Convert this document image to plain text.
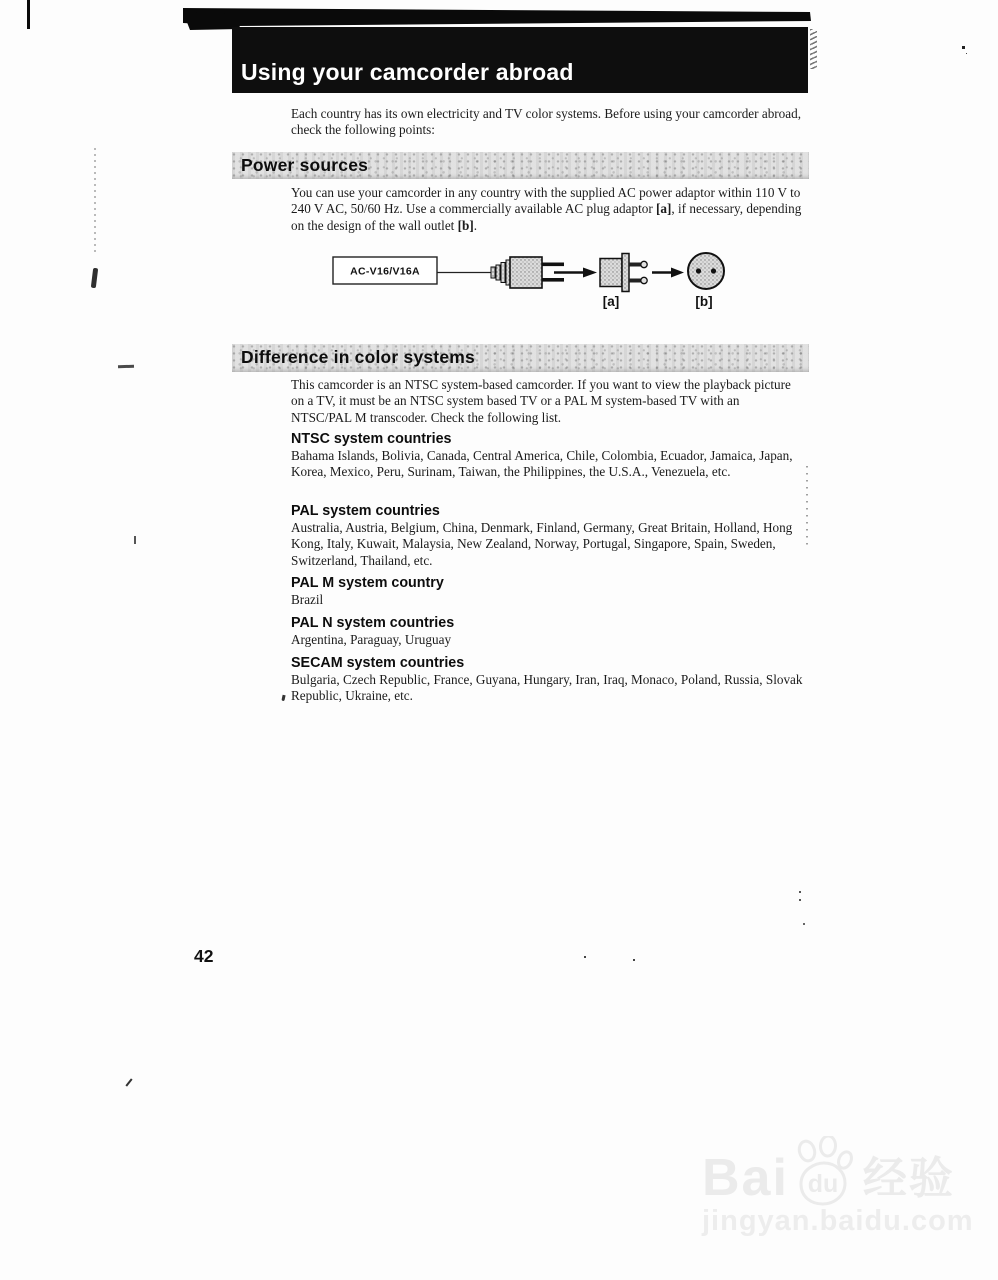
Using your camcorder abroad
Each country has its own electricity and TV color systems. Before using your camcorder abroad, check the following points:
Power sources
You can use your camcorder in any country with the supplied AC power adaptor within 110 V to 240 V AC, 50/60 Hz. Use a commercially available AC plug adaptor [a], if necessary, depending on the design of the wall outlet [b].
AC-V16/V16A
[a]	[b]
Difference in color systems
This camcorder is an NTSC system-based camcorder. If you want to view the playback picture on a TV, it must be an NTSC system based TV or a PAL M system-based TV with an NTSC/PAL M transcoder. Check the following list.
NTSC system countries
Bahama Islands, Bolivia, Canada, Central America, Chile, Colombia, Ecuador, Jamaica, Japan, Korea, Mexico, Peru, Surinam, Taiwan, the Philippines, the U.S.A., Venezuela, etc.
PAL system countries
Australia, Austria, Belgium, China, Denmark, Finland, Germany, Great Britain, Holland, Hong Kong, Italy, Kuwait, Malaysia, New Zealand, Norway, Portugal, Singapore, Spain, Sweden, Switzerland, Thailand, etc.
PAL M system country
Brazil
PAL N system countries
Argentina, Paraguay, Uruguay
SECAM system countries
Bulgaria, Czech Republic, France, Guyana, Hungary, Iran, Iraq, Monaco, Poland, Russia, Slovak Republic, Ukraine, etc.
42
Bai du 经验
jingyan.baidu.com
